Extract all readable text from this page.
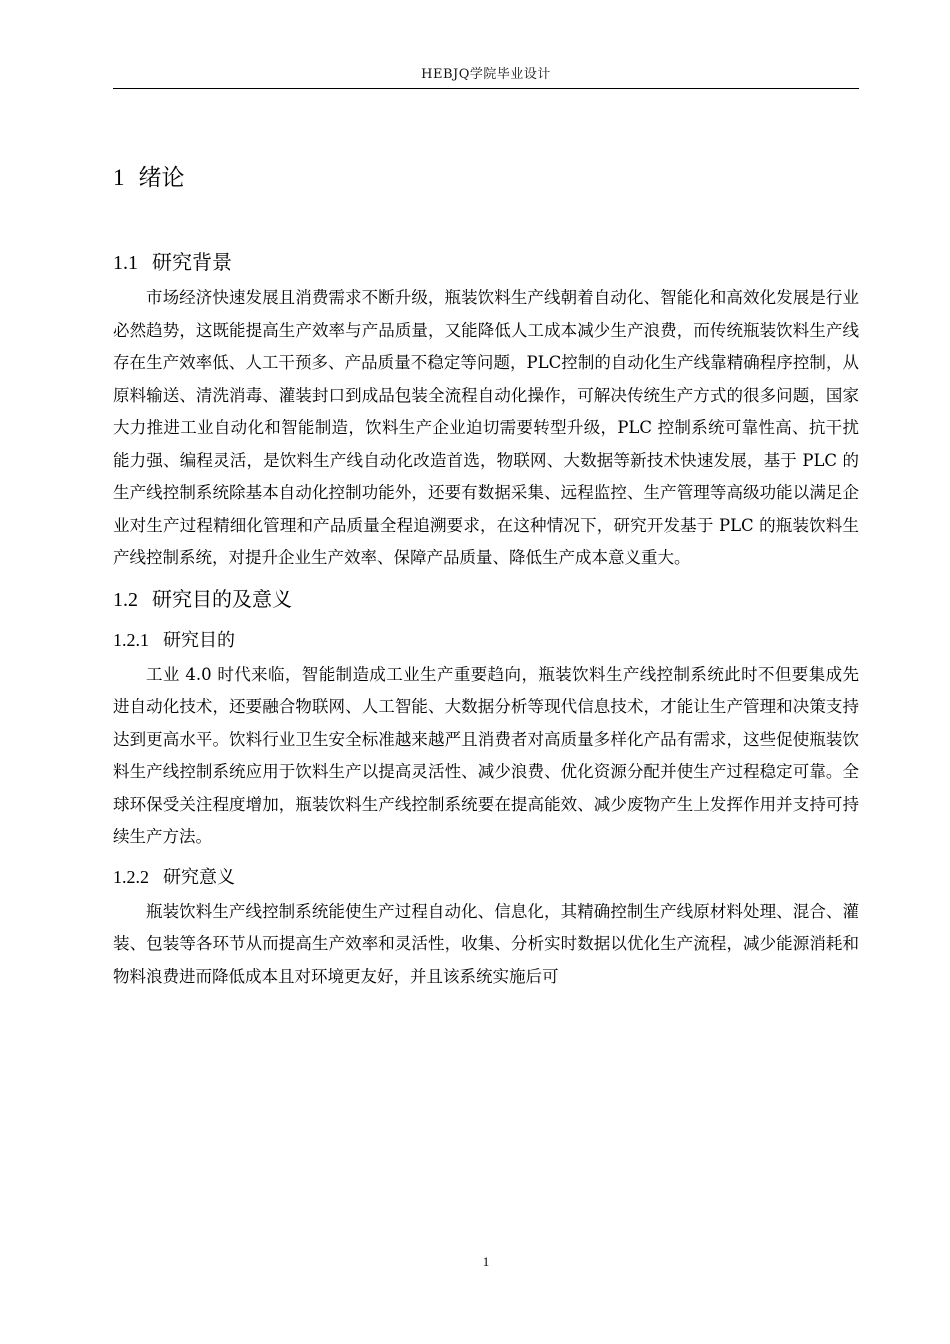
HEBJQ学院毕业设计
1 绪论
1.1 研究背景

市场经济快速发展且消费需求不断升级，瓶装饮料生产线朝着自动化、智能化和高效化发展是行业必然趋势，这既能提高生产效率与产品质量，又能降低人工成本减少生产浪费，而传统瓶装饮料生产线存在生产效率低、人工干预多、产品质量不稳定等问题，PLC控制的自动化生产线靠精确程序控制，从原料输送、清洗消毒、灌装封口到成品包装全流程自动化操作，可解决传统生产方式的很多问题，国家大力推进工业自动化和智能制造，饮料生产企业迫切需要转型升级，PLC 控制系统可靠性高、抗干扰能力强、编程灵活，是饮料生产线自动化改造首选，物联网、大数据等新技术快速发展，基于 PLC 的生产线控制系统除基本自动化控制功能外，还要有数据采集、远程监控、生产管理等高级功能以满足企业对生产过程精细化管理和产品质量全程追溯要求，在这种情况下，研究开发基于 PLC 的瓶装饮料生产线控制系统，对提升企业生产效率、保障产品质量、降低生产成本意义重大。

1.2 研究目的及意义
1.2.1 研究目的

工业 4.0 时代来临，智能制造成工业生产重要趋向，瓶装饮料生产线控制系统此时不但要集成先进自动化技术，还要融合物联网、人工智能、大数据分析等现代信息技术，才能让生产管理和决策支持达到更高水平。饮料行业卫生安全标准越来越严且消费者对高质量多样化产品有需求，这些促使瓶装饮料生产线控制系统应用于饮料生产以提高灵活性、减少浪费、优化资源分配并使生产过程稳定可靠。全球环保受关注程度增加，瓶装饮料生产线控制系统要在提高能效、减少废物产生上发挥作用并支持可持续生产方法。

1.2.2 研究意义

瓶装饮料生产线控制系统能使生产过程自动化、信息化，其精确控制生产线原材料处理、混合、灌装、包装等各环节从而提高生产效率和灵活性，收集、分析实时数据以优化生产流程，减少能源消耗和物料浪费进而降低成本且对环境更友好，并且该系统实施后可

1
